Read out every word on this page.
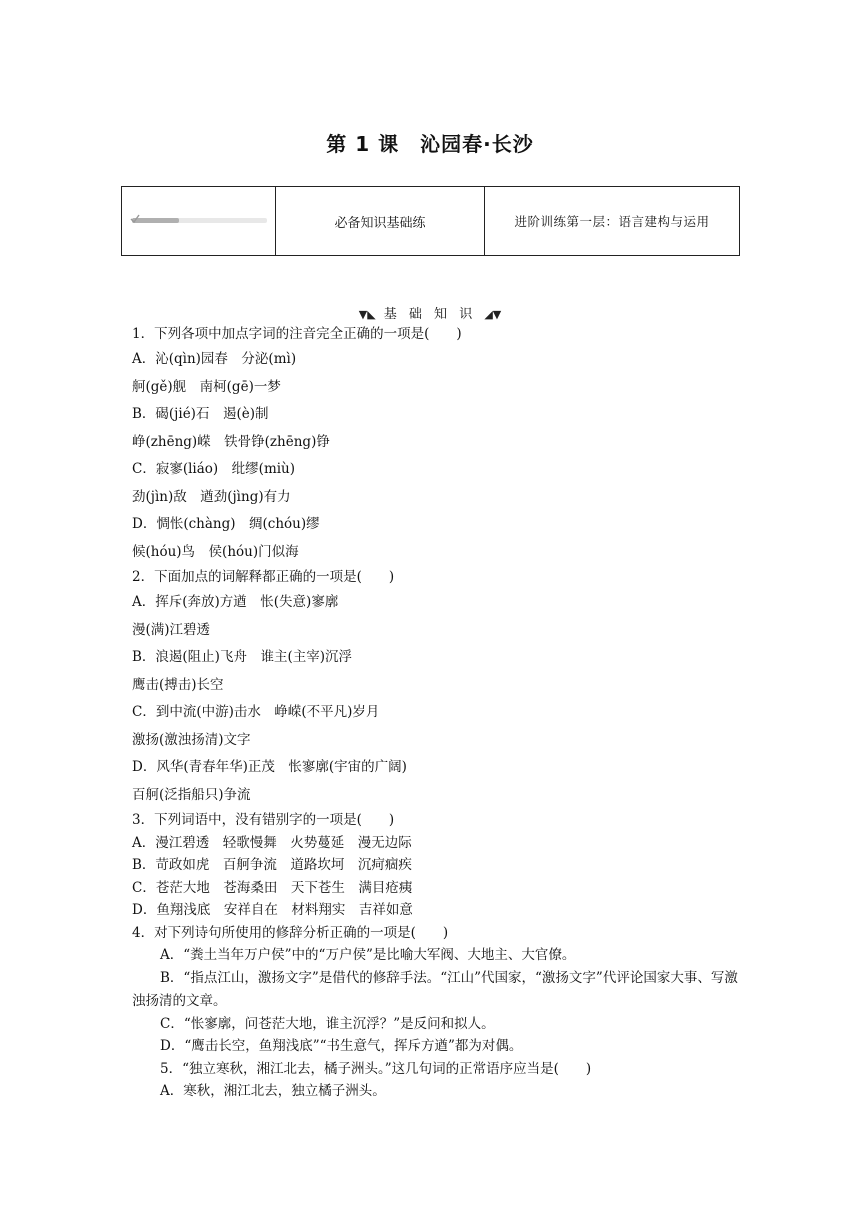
第 1 课　沁园春·长沙
必备知识基础练	进阶训练第一层：语言建构与运用
▼◣ 基 础 知 识 ◢▼
1．下列各项中加点字词的注音完全正确的一项是(　　)
A．沁(qìn)园春　分泌(mì)
舸(gě)舰　南柯(gē)一梦
B．碣(jié)石　遏(è)制
峥(zhēng)嵘　铁骨铮(zhēng)铮
C．寂寥(liáo)　纰缪(miù)
劲(jìn)敌　遒劲(jìng)有力
D．惆怅(chàng)　绸(chóu)缪
候(hóu)鸟　侯(hóu)门似海
2．下面加点的词解释都正确的一项是(　　)
A．挥斥(奔放)方遒　怅(失意)寥廓
漫(满)江碧透
B．浪遏(阻止)飞舟　谁主(主宰)沉浮
鹰击(搏击)长空
C．到中流(中游)击水　峥嵘(不平凡)岁月
激扬(激浊扬清)文字
D．风华(青春年华)正茂　怅寥廓(宇宙的广阔)
百舸(泛指船只)争流
3．下列词语中，没有错别字的一项是(　　)
A．漫江碧透　轻歌慢舞　火势蔓延　漫无边际
B．苛政如虎　百舸争流　道路坎坷　沉疴痼疾
C．苍茫大地　苍海桑田　天下苍生　满目疮痍
D．鱼翔浅底　安祥自在　材料翔实　吉祥如意
4．对下列诗句所使用的修辞分析正确的一项是(　　)
A．“粪土当年万户侯”中的“万户侯”是比喻大军阀、大地主、大官僚。
B．“指点江山，激扬文字”是借代的修辞手法。“江山”代国家，“激扬文字”代评论国家大事、写激浊扬清的文章。
C．“怅寥廓，问苍茫大地，谁主沉浮？”是反问和拟人。
D．“鹰击长空，鱼翔浅底”“书生意气，挥斥方遒”都为对偶。
5．“独立寒秋，湘江北去，橘子洲头。”这几句词的正常语序应当是(　　)
A．寒秋，湘江北去，独立橘子洲头。
